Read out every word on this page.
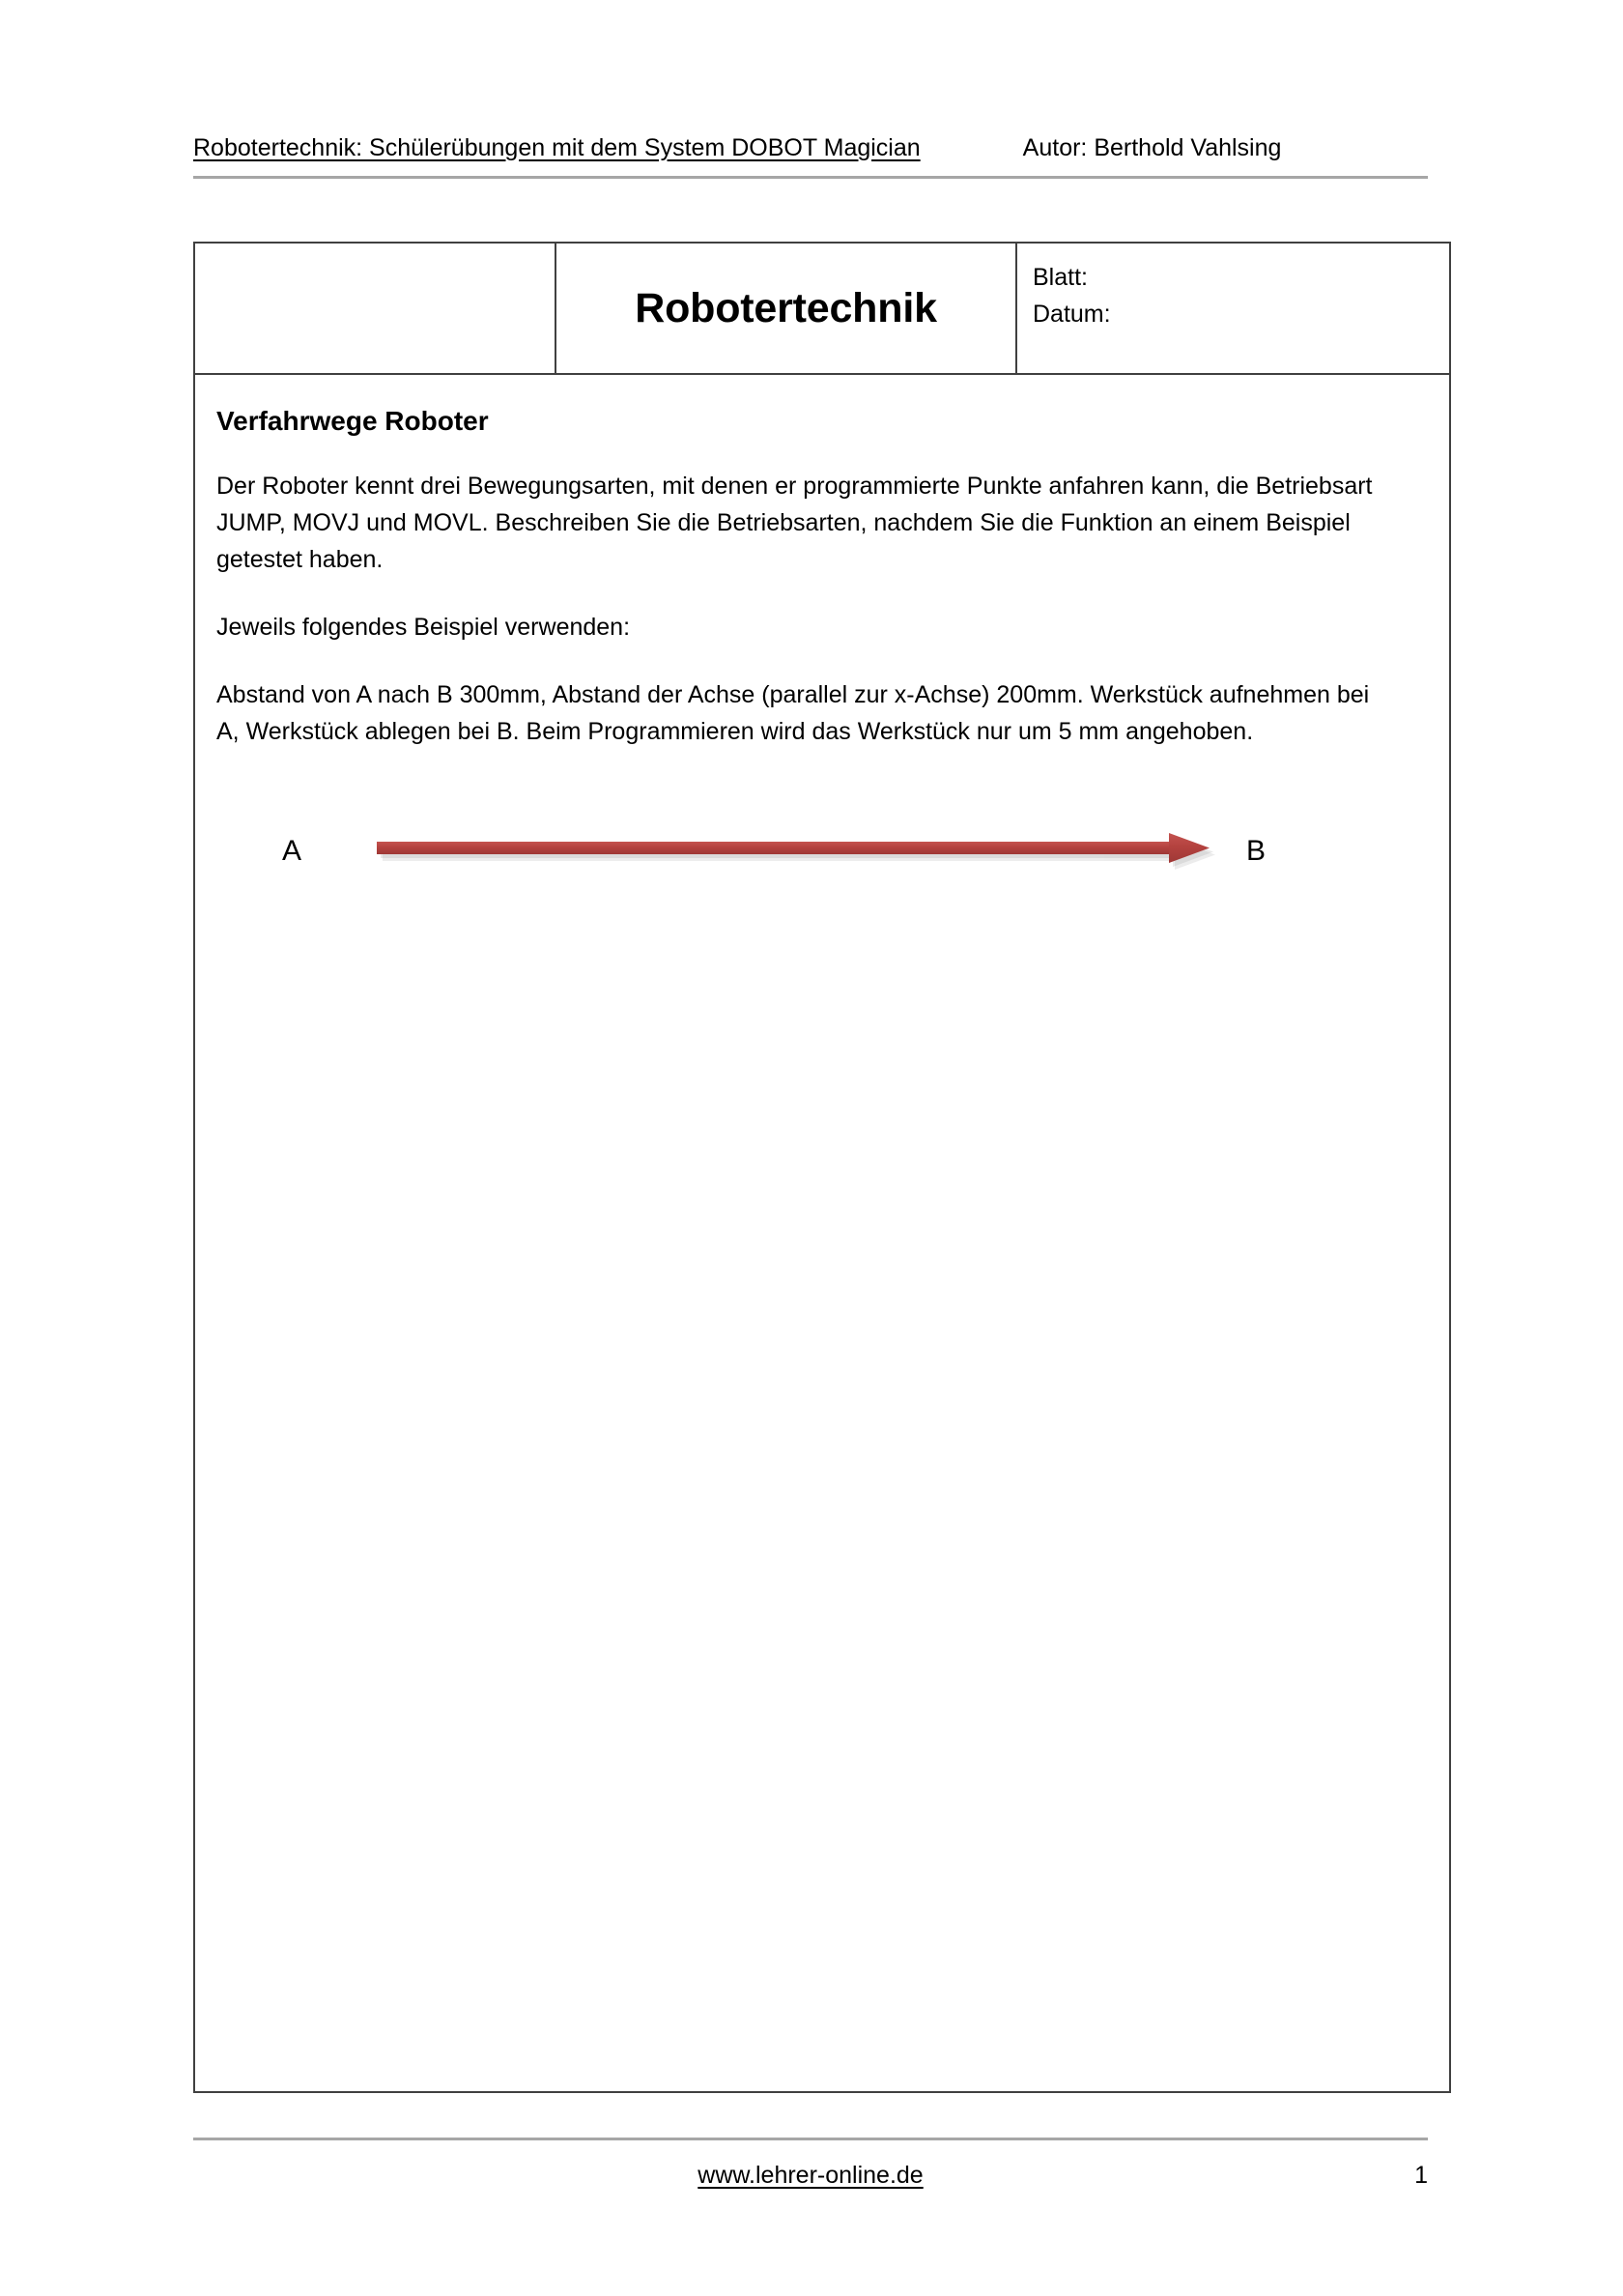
Robotertechnik: Schülerübungen mit dem System DOBOT Magician	Autor: Berthold Vahlsing

Robotertechnik

Blatt:
Datum:

Verfahrwege Roboter

Der Roboter kennt drei Bewegungsarten, mit denen er programmierte Punkte anfahren kann, die Betriebsart JUMP, MOVJ und MOVL. Beschreiben Sie die Betriebsarten, nachdem Sie die Funktion an einem Beispiel getestet haben.

Jeweils folgendes Beispiel verwenden:

Abstand von A nach B 300mm, Abstand der Achse (parallel zur x-Achse) 200mm. Werkstück aufnehmen bei A, Werkstück ablegen bei B. Beim Programmieren wird das Werkstück nur um 5 mm angehoben.

A	B
www.lehrer-online.de	1
